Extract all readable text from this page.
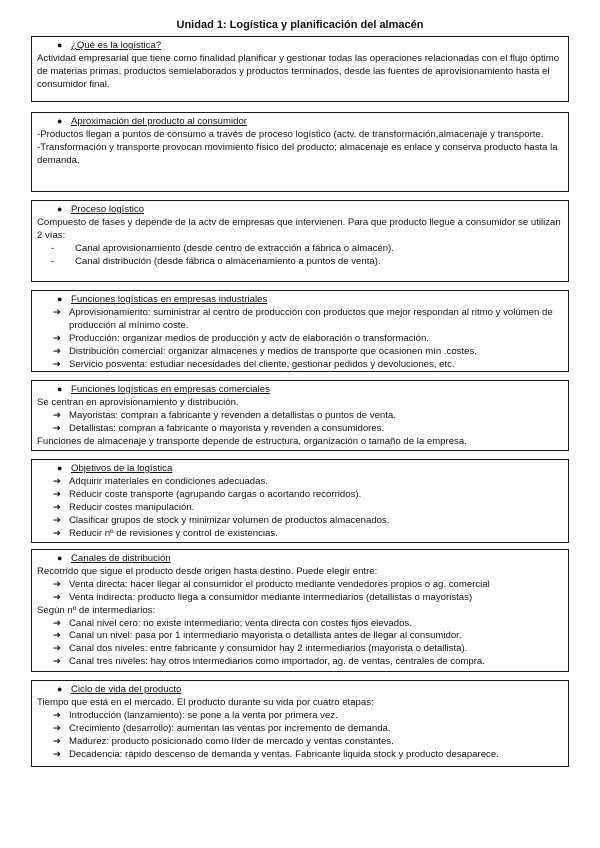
Unidad 1: Logística y planificación del almacén
● ¿Qué es la logística?

Actividad empresarial que tiene como finalidad planificar y gestionar todas las operaciones relacionadas con el flujo óptimo de materias primas, productos semielaborados y productos terminados, desde las fuentes de aprovisionamiento hasta el consumidor final.

● Aproximación del producto al consumidor

-Productos llegan a puntos de consumo a través de proceso logístico (actv. de transformación,almacenaje y transporte.

-Transformación y transporte provocan movimiento físico del producto; almacenaje es enlace y conserva producto hasta la demanda.

● Proceso logístico

Compuesto de fases y depende de la actv de empresas que intervienen. Para que producto llegue a consumidor se utilizan 2 vías:

-	Canal aprovisionamiento (desde centro de extracción a fábrica o almacén).
-	Canal distribución (desde fábrica o almacenamiento a puntos de venta).
● Funciones logísticas en empresas industriales
➔ Aprovisionamiento: suministrar al centro de producción con productos que mejor respondan al ritmo y volúmen de producción al mínimo coste.
➔ Producción: organizar medios de producción y actv de elaboración o transformación.
➔ Distribución comercial: organizar almacenes y medios de transporte que ocasionen mín .costes.
➔ Servicio posventa: estudiar necesidades del cliente, gestionar pedidos y devoluciones, etc.
● Funciones logísticas en empresas comerciales

Se centran en aprovisionamiento y distribución.

➔ Mayoristas: compran a fabricante y revenden a detallistas o puntos de venta.
➔ Detallistas: compran a fabricante o mayorista y revenden a consumidores.

Funciones de almacenaje y transporte depende de estructura, organización o tamaño de la empresa.

● Objetivos de la logística
➔ Adquirir materiales en condiciones adecuadas.
➔ Reducir coste transporte (agrupando cargas o acortando recorridos).
➔ Reducir costes manipulación.
➔ Clasificar grupos de stock y minimizar volumen de productos almacenados.
➔ Reducir nº de revisiones y control de existencias.
● Canales de distribución

Recorrido que sigue el producto desde origen hasta destino. Puede elegir entre:

➔ Venta directa: hacer llegar al consumidor el producto mediante vendedores propios o ag. comercial
➔ Venta indirecta: producto llega a consumidor mediante intermediarios (detallistas o mayoristas)

Según nº de intermediarios:

➔ Canal nivel cero: no existe intermediario; venta directa con costes fijos elevados.
➔ Canal un nivel: pasa por 1 intermediario mayorista o detallista antes de llegar al consumidor.
➔ Canal dos niveles: entre fabricante y consumidor hay 2 intermediarios (mayorista o detallista).
➔ Canal tres niveles: hay otros intermediarios como importador, ag. de ventas, centrales de compra.
● Ciclo de vida del producto

Tiempo que está en el mercado. El producto durante su vida por cuatro etapas:

➔ Introducción (lanzamiento): se pone a la venta por primera vez.
➔ Crecimiento (desarrollo): aumentan las ventas por incremento de demanda.
➔ Madurez: producto posicionado como líder de mercado y ventas constantes.
➔ Decadencia: rápido descenso de demanda y ventas. Fabricante liquida stock y producto desaparece.
